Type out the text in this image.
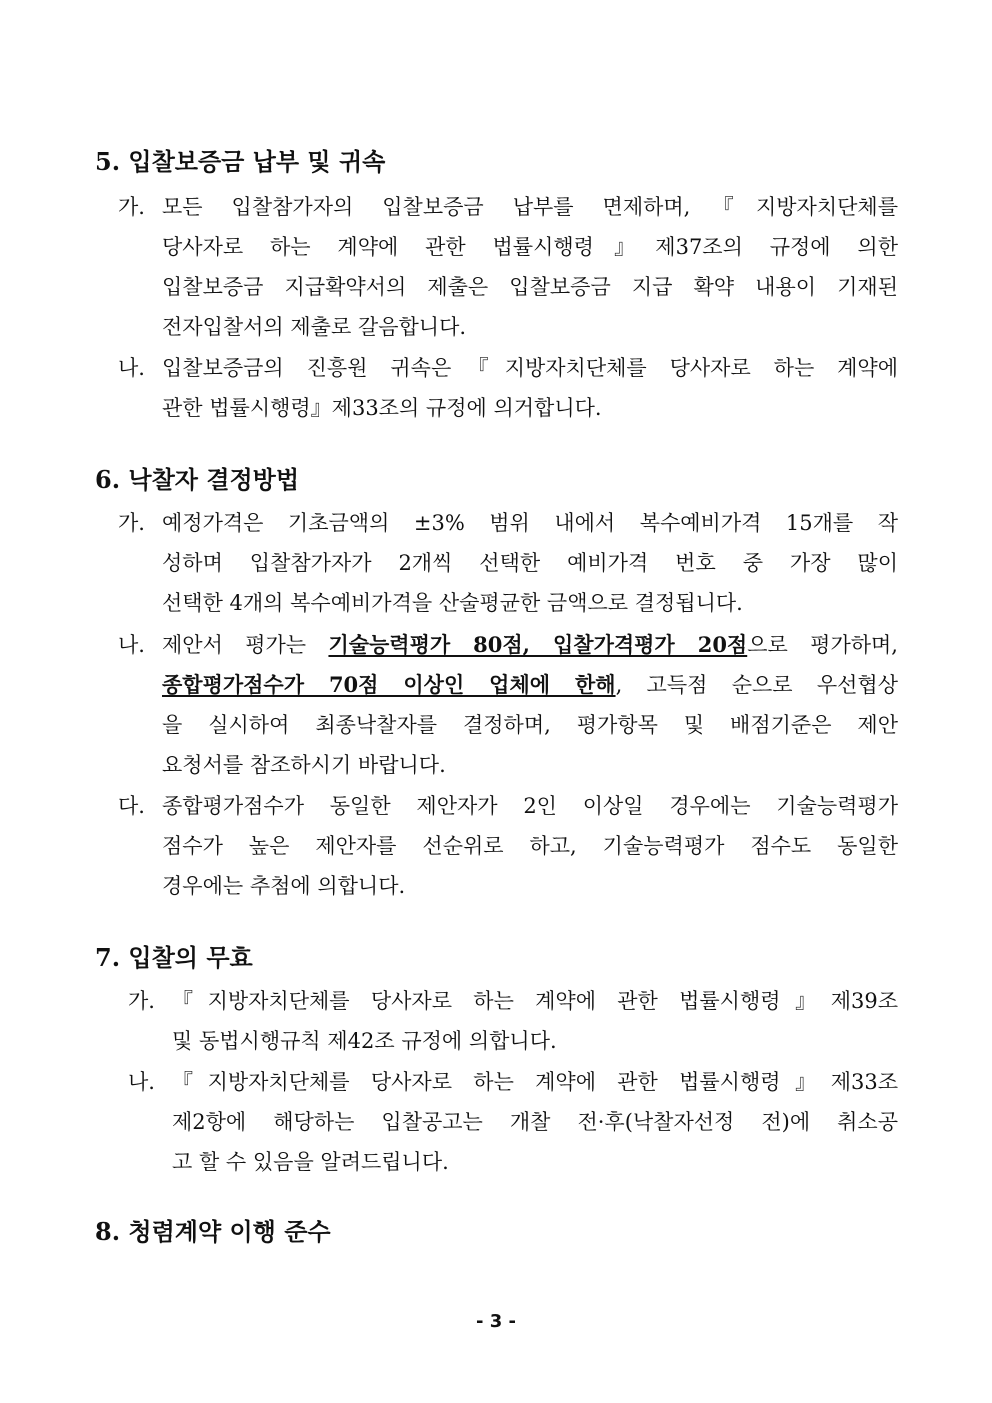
5. 입찰보증금 납부 및 귀속
가. 모든 입찰참가자의 입찰보증금 납부를 면제하며,『지방자치단체를
당사자로 하는 계약에 관한 법률시행령』제37조의 규정에 의한
입찰보증금 지급확약서의 제출은 입찰보증금 지급 확약 내용이 기재된
전자입찰서의 제출로 갈음합니다.
나. 입찰보증금의 진흥원 귀속은『지방자치단체를 당사자로 하는 계약에
관한 법률시행령』제33조의 규정에 의거합니다.
6. 낙찰자 결정방법
가. 예정가격은 기초금액의 ±3% 범위 내에서 복수예비가격 15개를 작
성하며 입찰참가자가 2개씩 선택한 예비가격 번호 중 가장 많이
선택한 4개의 복수예비가격을 산술평균한 금액으로 결정됩니다.
나. 제안서 평가는 기술능력평가 80점, 입찰가격평가 20점으로 평가하며,
종합평가점수가 70점 이상인 업체에 한해, 고득점 순으로 우선협상
을 실시하여 최종낙찰자를 결정하며, 평가항목 및 배점기준은 제안
요청서를 참조하시기 바랍니다.
다. 종합평가점수가 동일한 제안자가 2인 이상일 경우에는 기술능력평가
점수가 높은 제안자를 선순위로 하고, 기술능력평가 점수도 동일한
경우에는 추첨에 의합니다.
7. 입찰의 무효
가. 『지방자치단체를 당사자로 하는 계약에 관한 법률시행령』제39조
및 동법시행규칙 제42조 규정에 의합니다.
나. 『지방자치단체를 당사자로 하는 계약에 관한 법률시행령』제33조
제2항에 해당하는 입찰공고는 개찰 전·후(낙찰자선정 전)에 취소공
고 할 수 있음을 알려드립니다.
8. 청렴계약 이행 준수
- 3 -
